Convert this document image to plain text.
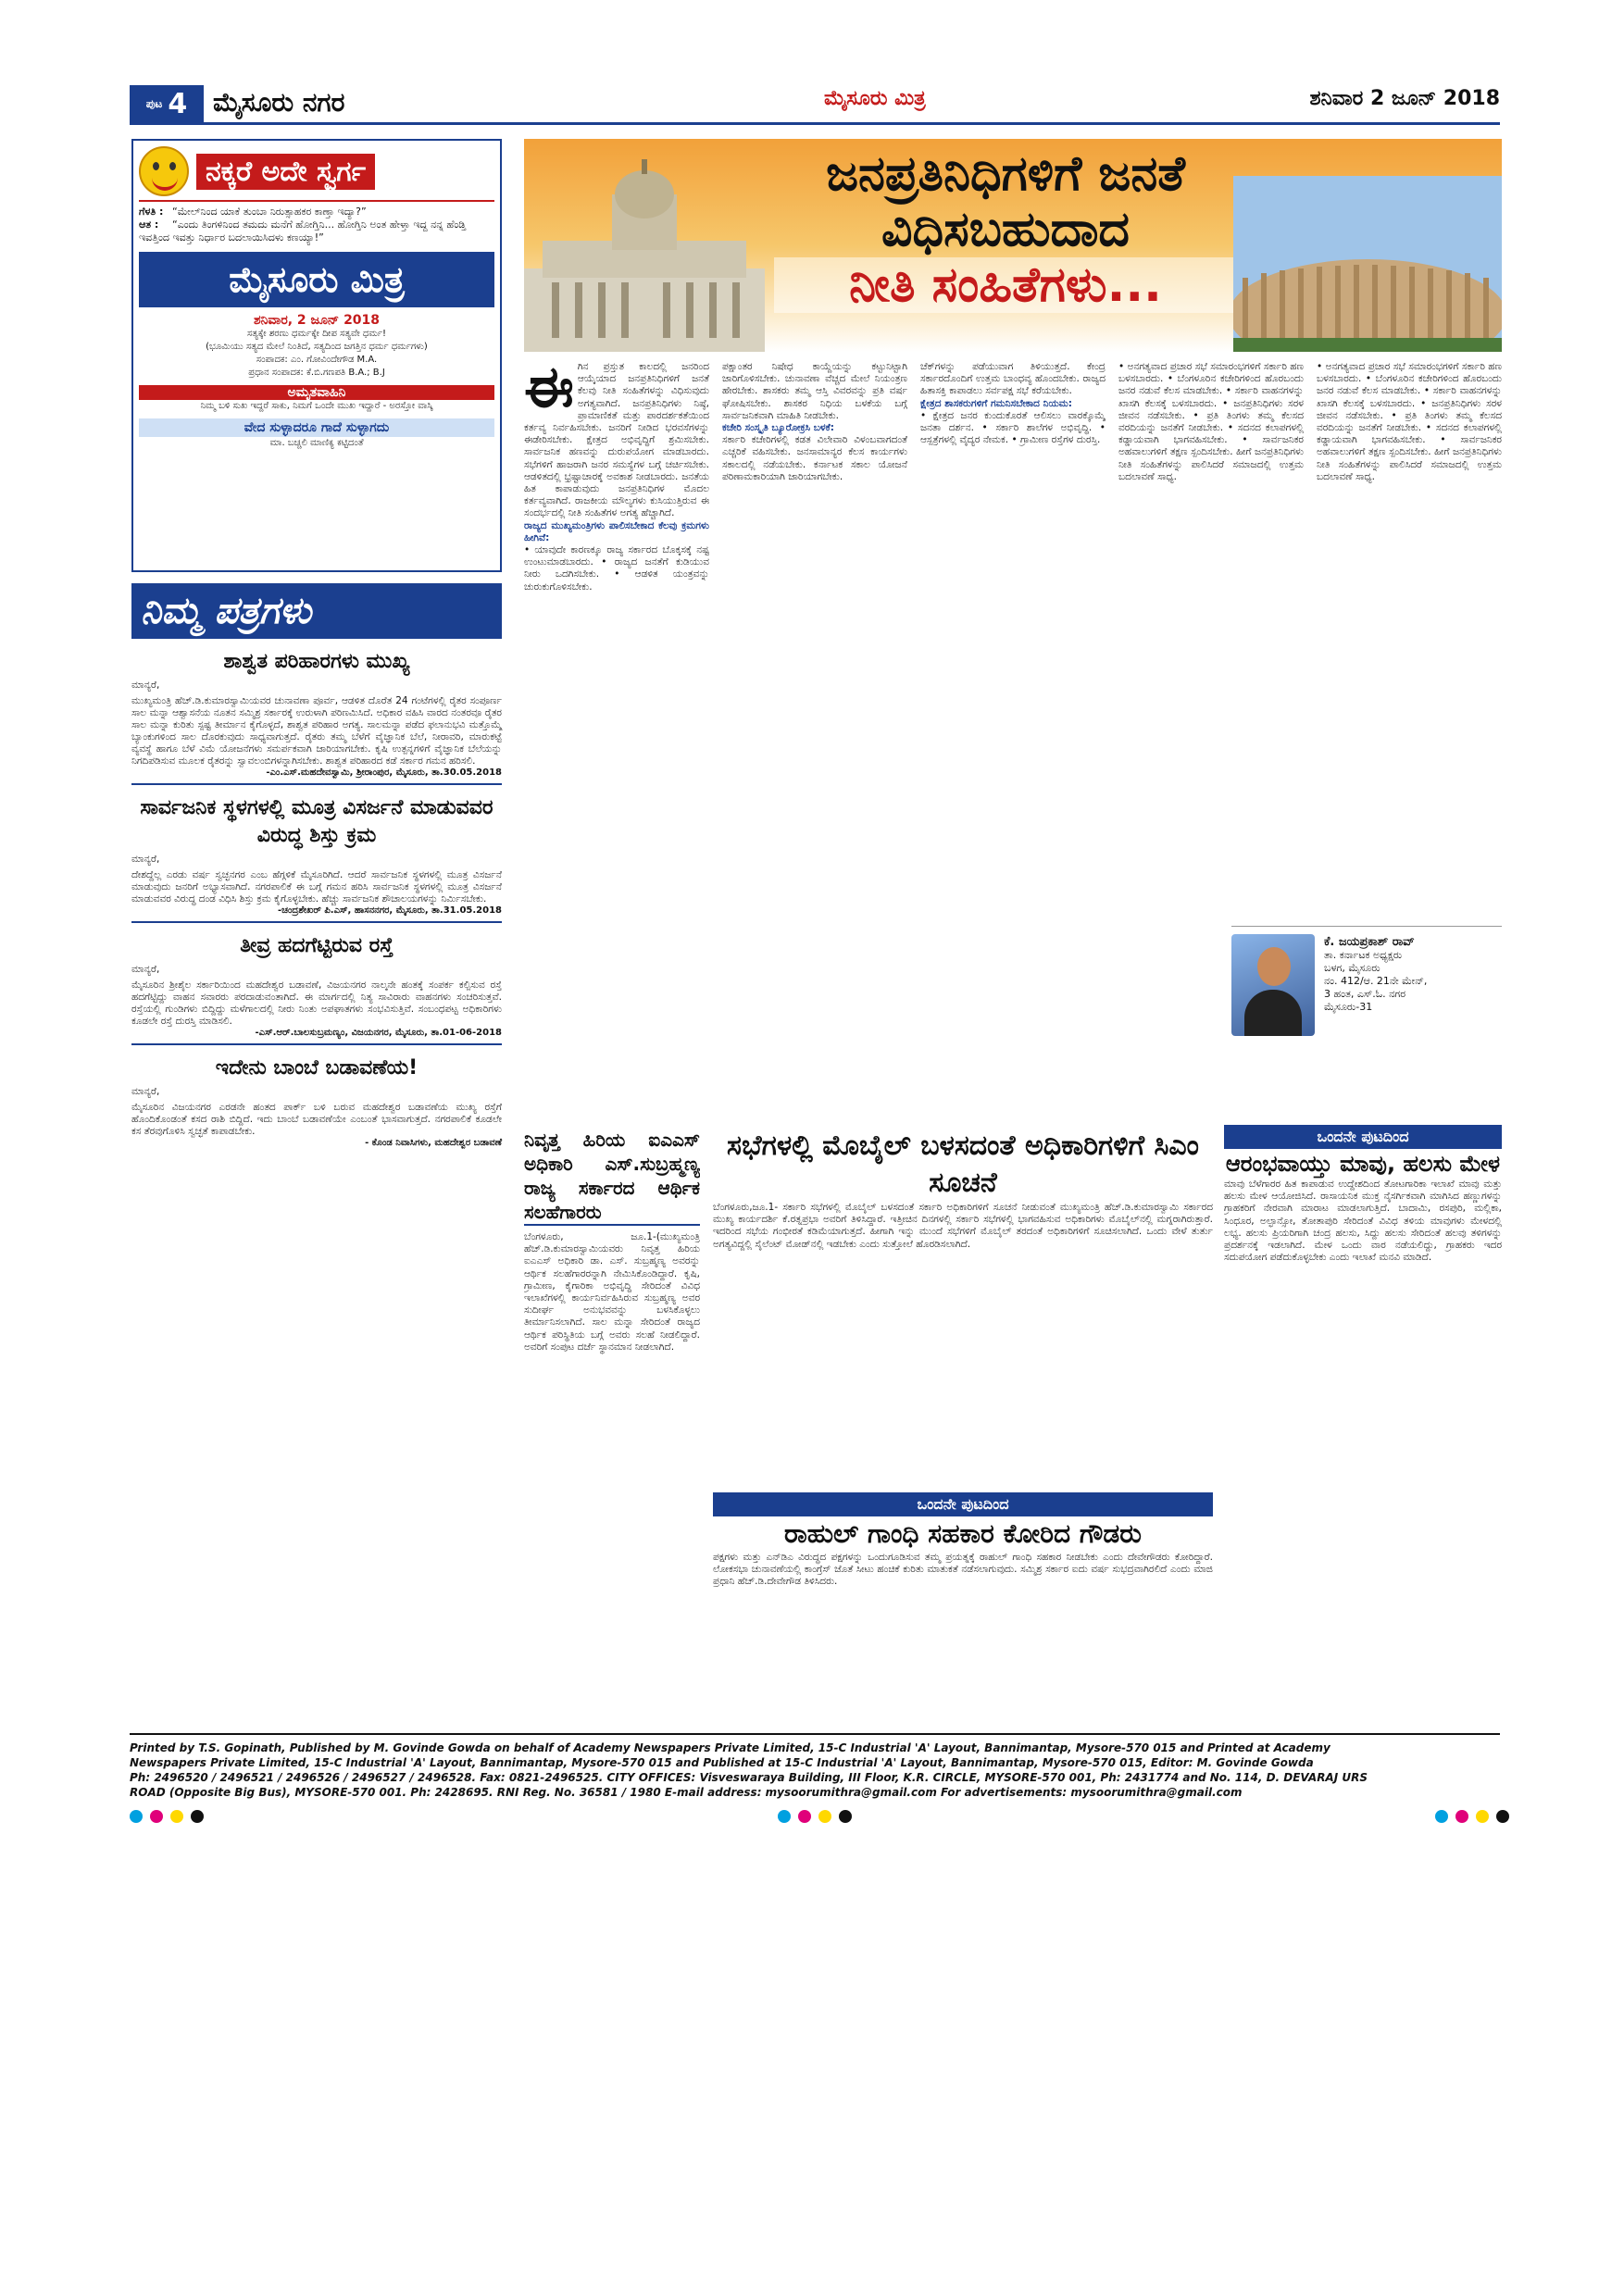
ಪುಟ 4 ಮೈಸೂರು ನಗರ	ಮೈಸೂರು ಮಿತ್ರ	ಶನಿವಾರ 2 ಜೂನ್ 2018
ನಕ್ಕರೆ ಅದೇ ಸ್ವರ್ಗ
ಗೆಳತಿ : “ಮೇಲ್‌ನಿಂದ ಯಾಕೆ ತುಂಬಾ ನಿರುತ್ಸಾಹಕರ ಕಾಣ್ತಾ ಇದ್ಯಾ?”
ಆತ : “ಎಂದು ತಿಂಗಳಿನಿಂದ ತಮದು ಮನೆಗೆ ಹೋಗ್ತಿನಿ... ಹೋಗ್ತಿನಿ ಅಂತ ಹೇಳ್ತಾ ಇದ್ದ ನನ್ನ ಹೆಂಡ್ತಿ ಇವತ್ತಿಂದ ಇವತ್ತು ನಿರ್ಧಾರ ಬದಲಾಯಿಸಿದಳು ಕಣಯ್ಯಾ!”
ಮೈಸೂರು ಮಿತ್ರ
ಶನಿವಾರ, 2 ಜೂನ್ 2018
ಸತ್ಯಕ್ಕೇ ಶರಣು ಧರ್ಮಕ್ಕೇ ದೀಪ ಸತ್ಯವೇ ಧರ್ಮ!
(ಭೂಮಿಯು ಸತ್ಯದ ಮೇಲೆ ನಿಂತಿದೆ, ಸತ್ಯದಿಂದ ಜಗತ್ತಿನ ಧರ್ಮ ಧರ್ಮಗಳು)
ಸಂಪಾದಕ: ಎಂ. ಗೋವಿಂದೇಗೌಡ M.A.
ಪ್ರಧಾನ ಸಂಪಾದಕ: ಕೆ.ಬಿ.ಗಣಪತಿ B.A.; B.J
ಅಮೃತವಾಹಿನಿ
ನಿಮ್ಮ ಬಳಿ ಸುಖ ಇದ್ದರೆ ಸಾಕು, ನಿಮಗೆ ಒಂದೇ ಮುಖ ಇದ್ದಾರೆ - ಅರಸ್ತೋ ವಾಸ್ಕಿ
ವೇದ ಸುಳ್ಳಾದರೂ ಗಾದೆ ಸುಳ್ಳಾಗದು
ಮಾ. ಬಚ್ಚಲಿ ಮಾಣಿಕ್ಯ ಕಟ್ಟಿದಂತೆ
ನಿಮ್ಮ ಪತ್ರಗಳು
ಶಾಶ್ವತ ಪರಿಹಾರಗಳು ಮುಖ್ಯ
ಮಾನ್ಯರೆ,
ಮುಖ್ಯಮಂತ್ರಿ ಹೆಚ್.ಡಿ.ಕುಮಾರಸ್ವಾಮಿಯವರ ಚುನಾವಣಾ ಪೂರ್ವ, ಆಡಳಿತ ದೊರೆತ 24 ಗಂಟೆಗಳಲ್ಲಿ ರೈತರ ಸಂಪೂರ್ಣ ಸಾಲ ಮನ್ನಾ ಆಶ್ವಾಸನೆಯ ನೂತನ ಸಮ್ಮಿಶ್ರ ಸರ್ಕಾರಕ್ಕೆ ಉರುಳಾಗಿ ಪರಿಣಮಿಸಿದೆ. ಅಧಿಕಾರ ವಹಿಸಿ ವಾರದ ನಂತರವೂ ರೈತರ ಸಾಲ ಮನ್ನಾ ಕುರಿತು ಸ್ಪಷ್ಟ ತೀರ್ಮಾನ ಕೈಗೊಳ್ಳದೆ, ಶಾಶ್ವತ ಪರಿಹಾರ ಅಗತ್ಯ. ಸಾಲಮನ್ನಾ ಪಡೆದ ಫಲಾನುಭವಿ ಮತ್ತೊಮ್ಮೆ ಬ್ಯಾಂಕುಗಳಿಂದ ಸಾಲ ದೊರಕುವುದು ಸಾಧ್ಯವಾಗುತ್ತದೆ. ರೈತರು ತಮ್ಮ ಬೆಳೆಗೆ ವೈಜ್ಞಾನಿಕ ಬೆಲೆ, ನೀರಾವರಿ, ಮಾರುಕಟ್ಟೆ ವ್ಯವಸ್ಥೆ ಹಾಗೂ ಬೆಳೆ ವಿಮೆ ಯೋಜನೆಗಳು ಸಮರ್ಪಕವಾಗಿ ಜಾರಿಯಾಗಬೇಕು. ಕೃಷಿ ಉತ್ಪನ್ನಗಳಿಗೆ ವೈಜ್ಞಾನಿಕ ಬೆಲೆಯನ್ನು ನಿಗದಿಪಡಿಸುವ ಮೂಲಕ ರೈತರನ್ನು ಸ್ವಾವಲಂಬಿಗಳನ್ನಾಗಿಸಬೇಕು. ಶಾಶ್ವತ ಪರಿಹಾರದ ಕಡೆ ಸರ್ಕಾರ ಗಮನ ಹರಿಸಲಿ.
-ಎಂ.ಎಸ್.ಮಹದೇವಸ್ವಾಮಿ, ಶ್ರೀರಾಂಪುರ, ಮೈಸೂರು, ತಾ.30.05.2018
ಸಾರ್ವಜನಿಕ ಸ್ಥಳಗಳಲ್ಲಿ ಮೂತ್ರ ವಿಸರ್ಜನೆ ಮಾಡುವವರ ವಿರುದ್ಧ ಶಿಸ್ತು ಕ್ರಮ
ಮಾನ್ಯರೆ,
ದೇಶದ್ದೆಲ್ಲ ಎರಡು ವರ್ಷ ಸ್ವಚ್ಛನಗರ ಎಂಬ ಹೆಗ್ಗಳಿಕೆ ಮೈಸೂರಿಗಿದೆ. ಆದರೆ ಸಾರ್ವಜನಿಕ ಸ್ಥಳಗಳಲ್ಲಿ ಮೂತ್ರ ವಿಸರ್ಜನೆ ಮಾಡುವುದು ಜನರಿಗೆ ಅಭ್ಯಾಸವಾಗಿದೆ. ನಗರಪಾಲಿಕೆ ಈ ಬಗ್ಗೆ ಗಮನ ಹರಿಸಿ ಸಾರ್ವಜನಿಕ ಸ್ಥಳಗಳಲ್ಲಿ ಮೂತ್ರ ವಿಸರ್ಜನೆ ಮಾಡುವವರ ವಿರುದ್ಧ ದಂಡ ವಿಧಿಸಿ ಶಿಸ್ತು ಕ್ರಮ ಕೈಗೊಳ್ಳಬೇಕು. ಹೆಚ್ಚು ಸಾರ್ವಜನಿಕ ಶೌಚಾಲಯಗಳನ್ನು ನಿರ್ಮಿಸಬೇಕು.
-ಚಂದ್ರಶೇಖರ್ ಪಿ.ಎಸ್, ಹಾಸನನಗರ, ಮೈಸೂರು, ತಾ.31.05.2018
ತೀವ್ರ ಹದಗೆಟ್ಟಿರುವ ರಸ್ತೆ
ಮಾನ್ಯರೆ,
ಮೈಸೂರಿನ ಶ್ರೀಶೈಲ ಸರ್ಕಾರಿಯಿಂದ ಮಹದೇಶ್ವರ ಬಡಾವಣೆ, ವಿಜಯನಗರ ನಾಲ್ಕನೇ ಹಂತಕ್ಕೆ ಸಂಪರ್ಕ ಕಲ್ಪಿಸುವ ರಸ್ತೆ ಹದಗೆಟ್ಟಿದ್ದು ವಾಹನ ಸವಾರರು ಪರದಾಡುವಂತಾಗಿದೆ. ಈ ಮಾರ್ಗದಲ್ಲಿ ನಿತ್ಯ ಸಾವಿರಾರು ವಾಹನಗಳು ಸಂಚರಿಸುತ್ತವೆ. ರಸ್ತೆಯಲ್ಲಿ ಗುಂಡಿಗಳು ಬಿದ್ದಿದ್ದು ಮಳೆಗಾಲದಲ್ಲಿ ನೀರು ನಿಂತು ಅಪಘಾತಗಳು ಸಂಭವಿಸುತ್ತಿವೆ. ಸಂಬಂಧಪಟ್ಟ ಅಧಿಕಾರಿಗಳು ಕೂಡಲೇ ರಸ್ತೆ ದುರಸ್ತಿ ಮಾಡಿಸಲಿ.
-ಎಸ್.ಆರ್.ಬಾಲಸುಬ್ರಮಣ್ಯಂ, ವಿಜಯನಗರ, ಮೈಸೂರು, ತಾ.01-06-2018
ಇದೇನು ಬಾಂಬೆ ಬಡಾವಣೆಯ!
ಮಾನ್ಯರೆ,
ಮೈಸೂರಿನ ವಿಜಯನಗರ ಎರಡನೇ ಹಂತದ ಪಾರ್ಕ್ ಬಳಿ ಬರುವ ಮಹದೇಶ್ವರ ಬಡಾವಣೆಯ ಮುಖ್ಯ ರಸ್ತೆಗೆ ಹೊಂದಿಕೊಂಡಂತೆ ಕಸದ ರಾಶಿ ಬಿದ್ದಿದೆ. ಇದು ಬಾಂಬೆ ಬಡಾವಣೆಯೇ ಎಂಬಂತೆ ಭಾಸವಾಗುತ್ತದೆ. ನಗರಪಾಲಿಕೆ ಕೂಡಲೇ ಕಸ ತೆರವುಗೊಳಿಸಿ ಸ್ವಚ್ಛತೆ ಕಾಪಾಡಬೇಕು.
- ಕೊಂಡ ನಿವಾಸಿಗಳು, ಮಹದೇಶ್ವರ ಬಡಾವಣೆ
ಜನಪ್ರತಿನಿಧಿಗಳಿಗೆ ಜನತೆ
ವಿಧಿಸಬಹುದಾದ
ನೀತಿ ಸಂಹಿತೆಗಳು...
ಈ ಗಿನ ಪ್ರಸ್ತುತ ಕಾಲದಲ್ಲಿ ಜನರಿಂದ ಆಯ್ಕೆಯಾದ ಜನಪ್ರತಿನಿಧಿಗಳಿಗೆ ಜನತೆ ಕೆಲವು ನೀತಿ ಸಂಹಿತೆಗಳನ್ನು ವಿಧಿಸುವುದು ಅಗತ್ಯವಾಗಿದೆ. ಜನಪ್ರತಿನಿಧಿಗಳು ನಿಷ್ಠೆ, ಪ್ರಾಮಾಣಿಕತೆ ಮತ್ತು ಪಾರದರ್ಶಕತೆಯಿಂದ ಕರ್ತವ್ಯ ನಿರ್ವಹಿಸಬೇಕು. ಜನರಿಗೆ ನೀಡಿದ ಭರವಸೆಗಳನ್ನು ಈಡೇರಿಸಬೇಕು. ಕ್ಷೇತ್ರದ ಅಭಿವೃದ್ಧಿಗೆ ಶ್ರಮಿಸಬೇಕು. ಸಾರ್ವಜನಿಕ ಹಣವನ್ನು ದುರುಪಯೋಗ ಮಾಡಬಾರದು. ಸಭೆಗಳಿಗೆ ಹಾಜರಾಗಿ ಜನರ ಸಮಸ್ಯೆಗಳ ಬಗ್ಗೆ ಚರ್ಚಿಸಬೇಕು. ಆಡಳಿತದಲ್ಲಿ ಭ್ರಷ್ಟಾಚಾರಕ್ಕೆ ಅವಕಾಶ ನೀಡಬಾರದು. ಜನತೆಯ ಹಿತ ಕಾಪಾಡುವುದು ಜನಪ್ರತಿನಿಧಿಗಳ ಮೊದಲ ಕರ್ತವ್ಯವಾಗಿದೆ. ರಾಜಕೀಯ ಮೌಲ್ಯಗಳು ಕುಸಿಯುತ್ತಿರುವ ಈ ಸಂದರ್ಭದಲ್ಲಿ ನೀತಿ ಸಂಹಿತೆಗಳ ಅಗತ್ಯ ಹೆಚ್ಚಾಗಿದೆ.
ರಾಜ್ಯದ ಮುಖ್ಯಮಂತ್ರಿಗಳು ಪಾಲಿಸಬೇಕಾದ ಕೆಲವು ಕ್ರಮಗಳು ಹೀಗಿವೆ:
• ಯಾವುದೇ ಕಾರಣಕ್ಕೂ ರಾಜ್ಯ ಸರ್ಕಾರದ ಬೊಕ್ಕಸಕ್ಕೆ ನಷ್ಟ ಉಂಟುಮಾಡಬಾರದು. • ರಾಜ್ಯದ ಜನತೆಗೆ ಕುಡಿಯುವ ನೀರು ಒದಗಿಸಬೇಕು. • ಆಡಳಿತ ಯಂತ್ರವನ್ನು ಚುರುಕುಗೊಳಿಸಬೇಕು.
ಪಕ್ಷಾಂತರ ನಿಷೇಧ ಕಾಯ್ದೆಯನ್ನು ಕಟ್ಟುನಿಟ್ಟಾಗಿ ಜಾರಿಗೊಳಿಸಬೇಕು. ಚುನಾವಣಾ ವೆಚ್ಚದ ಮೇಲೆ ನಿಯಂತ್ರಣ ಹೇರಬೇಕು. ಶಾಸಕರು ತಮ್ಮ ಆಸ್ತಿ ವಿವರವನ್ನು ಪ್ರತಿ ವರ್ಷ ಘೋಷಿಸಬೇಕು. ಶಾಸಕರ ನಿಧಿಯ ಬಳಕೆಯ ಬಗ್ಗೆ ಸಾರ್ವಜನಿಕವಾಗಿ ಮಾಹಿತಿ ನೀಡಬೇಕು.
ಕಚೇರಿ ಸಂಸ್ಕೃತಿ ಬ್ಯೂರೋಕ್ರಸಿ ಬಳಕೆ:
ಸರ್ಕಾರಿ ಕಚೇರಿಗಳಲ್ಲಿ ಕಡತ ವಿಲೇವಾರಿ ವಿಳಂಬವಾಗದಂತೆ ಎಚ್ಚರಿಕೆ ವಹಿಸಬೇಕು. ಜನಸಾಮಾನ್ಯರ ಕೆಲಸ ಕಾರ್ಯಗಳು ಸಕಾಲದಲ್ಲಿ ನಡೆಯಬೇಕು. ಕರ್ನಾಟಕ ಸಕಾಲ ಯೋಜನೆ ಪರಿಣಾಮಕಾರಿಯಾಗಿ ಜಾರಿಯಾಗಬೇಕು.
ಚೆಕ್‌ಗಳನ್ನು ಪಡೆಯುವಾಗ ತಿಳಿಯುತ್ತದೆ. ಕೇಂದ್ರ ಸರ್ಕಾರದೊಂದಿಗೆ ಉತ್ತಮ ಬಾಂಧವ್ಯ ಹೊಂದಬೇಕು. ರಾಜ್ಯದ ಹಿತಾಸಕ್ತಿ ಕಾಪಾಡಲು ಸರ್ವಪಕ್ಷ ಸಭೆ ಕರೆಯಬೇಕು.
ಕ್ಷೇತ್ರದ ಶಾಸಕರುಗಳಿಗೆ ಗಮನಿಸಬೇಕಾದ ನಿಯಮ:
• ಕ್ಷೇತ್ರದ ಜನರ ಕುಂದುಕೊರತೆ ಆಲಿಸಲು ವಾರಕ್ಕೊಮ್ಮೆ ಜನತಾ ದರ್ಶನ. • ಸರ್ಕಾರಿ ಶಾಲೆಗಳ ಅಭಿವೃದ್ಧಿ. • ಆಸ್ಪತ್ರೆಗಳಲ್ಲಿ ವೈದ್ಯರ ನೇಮಕ. • ಗ್ರಾಮೀಣ ರಸ್ತೆಗಳ ದುರಸ್ತಿ.
• ಅನಗತ್ಯವಾದ ಪ್ರಚಾರ ಸಭೆ ಸಮಾರಂಭಗಳಿಗೆ ಸರ್ಕಾರಿ ಹಣ ಬಳಸಬಾರದು. • ಬೆಂಗಳೂರಿನ ಕಚೇರಿಗಳಿಂದ ಹೊರಬಂದು ಜನರ ನಡುವೆ ಕೆಲಸ ಮಾಡಬೇಕು. • ಸರ್ಕಾರಿ ವಾಹನಗಳನ್ನು ಖಾಸಗಿ ಕೆಲಸಕ್ಕೆ ಬಳಸಬಾರದು. • ಜನಪ್ರತಿನಿಧಿಗಳು ಸರಳ ಜೀವನ ನಡೆಸಬೇಕು. • ಪ್ರತಿ ತಿಂಗಳು ತಮ್ಮ ಕೆಲಸದ ವರದಿಯನ್ನು ಜನತೆಗೆ ನೀಡಬೇಕು. • ಸದನದ ಕಲಾಪಗಳಲ್ಲಿ ಕಡ್ಡಾಯವಾಗಿ ಭಾಗವಹಿಸಬೇಕು. • ಸಾರ್ವಜನಿಕರ ಅಹವಾಲುಗಳಿಗೆ ತಕ್ಷಣ ಸ್ಪಂದಿಸಬೇಕು. ಹೀಗೆ ಜನಪ್ರತಿನಿಧಿಗಳು ನೀತಿ ಸಂಹಿತೆಗಳನ್ನು ಪಾಲಿಸಿದರೆ ಸಮಾಜದಲ್ಲಿ ಉತ್ತಮ ಬದಲಾವಣೆ ಸಾಧ್ಯ.
• ಅನಗತ್ಯವಾದ ಪ್ರಚಾರ ಸಭೆ ಸಮಾರಂಭಗಳಿಗೆ ಸರ್ಕಾರಿ ಹಣ ಬಳಸಬಾರದು. • ಬೆಂಗಳೂರಿನ ಕಚೇರಿಗಳಿಂದ ಹೊರಬಂದು ಜನರ ನಡುವೆ ಕೆಲಸ ಮಾಡಬೇಕು. • ಸರ್ಕಾರಿ ವಾಹನಗಳನ್ನು ಖಾಸಗಿ ಕೆಲಸಕ್ಕೆ ಬಳಸಬಾರದು. • ಜನಪ್ರತಿನಿಧಿಗಳು ಸರಳ ಜೀವನ ನಡೆಸಬೇಕು. • ಪ್ರತಿ ತಿಂಗಳು ತಮ್ಮ ಕೆಲಸದ ವರದಿಯನ್ನು ಜನತೆಗೆ ನೀಡಬೇಕು. • ಸದನದ ಕಲಾಪಗಳಲ್ಲಿ ಕಡ್ಡಾಯವಾಗಿ ಭಾಗವಹಿಸಬೇಕು. • ಸಾರ್ವಜನಿಕರ ಅಹವಾಲುಗಳಿಗೆ ತಕ್ಷಣ ಸ್ಪಂದಿಸಬೇಕು. ಹೀಗೆ ಜನಪ್ರತಿನಿಧಿಗಳು ನೀತಿ ಸಂಹಿತೆಗಳನ್ನು ಪಾಲಿಸಿದರೆ ಸಮಾಜದಲ್ಲಿ ಉತ್ತಮ ಬದಲಾವಣೆ ಸಾಧ್ಯ.
ಕೆ. ಜಯಪ್ರಕಾಶ್ ರಾವ್
ತಾ. ಕರ್ನಾಟಕ ಅಧ್ಯಕ್ಷರು
ಬಳಗ, ಮೈಸೂರು
ನಂ. 412/ಆ. 21ನೇ ಮೇನ್,
3 ಹಂತ, ಎಸ್.ಓ. ನಗರ
ಮೈಸೂರು-31
ನಿವೃತ್ತ ಹಿರಿಯ ಐಎಎಸ್ ಅಧಿಕಾರಿ ಎಸ್.ಸುಬ್ರಹ್ಮಣ್ಯ ರಾಜ್ಯ ಸರ್ಕಾರದ ಆರ್ಥಿಕ ಸಲಹೆಗಾರರು
ಬೆಂಗಳೂರು, ಜೂ.1-(ಮುಖ್ಯಮಂತ್ರಿ ಹೆಚ್.ಡಿ.ಕುಮಾರಸ್ವಾಮಿಯವರು ನಿವೃತ್ತ ಹಿರಿಯ ಐಎಎಸ್ ಅಧಿಕಾರಿ ಡಾ. ಎಸ್. ಸುಬ್ರಹ್ಮಣ್ಯ ಅವರನ್ನು ಆರ್ಥಿಕ ಸಲಹೆಗಾರರನ್ನಾಗಿ ನೇಮಿಸಿಕೊಂಡಿದ್ದಾರೆ. ಕೃಷಿ, ಗ್ರಾಮೀಣ, ಕೈಗಾರಿಕಾ ಅಭಿವೃದ್ಧಿ ಸೇರಿದಂತೆ ವಿವಿಧ ಇಲಾಖೆಗಳಲ್ಲಿ ಕಾರ್ಯನಿರ್ವಹಿಸಿರುವ ಸುಬ್ರಹ್ಮಣ್ಯ ಅವರ ಸುದೀರ್ಘ ಅನುಭವವನ್ನು ಬಳಸಿಕೊಳ್ಳಲು ತೀರ್ಮಾನಿಸಲಾಗಿದೆ. ಸಾಲ ಮನ್ನಾ ಸೇರಿದಂತೆ ರಾಜ್ಯದ ಆರ್ಥಿಕ ಪರಿಸ್ಥಿತಿಯ ಬಗ್ಗೆ ಅವರು ಸಲಹೆ ನೀಡಲಿದ್ದಾರೆ. ಅವರಿಗೆ ಸಂಪುಟ ದರ್ಜೆ ಸ್ಥಾನಮಾನ ನೀಡಲಾಗಿದೆ.
ಸಭೆಗಳಲ್ಲಿ ಮೊಬೈಲ್ ಬಳಸದಂತೆ ಅಧಿಕಾರಿಗಳಿಗೆ ಸಿಎಂ ಸೂಚನೆ
ಬೆಂಗಳೂರು,ಜೂ.1- ಸರ್ಕಾರಿ ಸಭೆಗಳಲ್ಲಿ ಮೊಬೈಲ್ ಬಳಸದಂತೆ ಸರ್ಕಾರಿ ಅಧಿಕಾರಿಗಳಿಗೆ ಸೂಚನೆ ನೀಡುವಂತೆ ಮುಖ್ಯಮಂತ್ರಿ ಹೆಚ್.ಡಿ.ಕುಮಾರಸ್ವಾಮಿ ಸರ್ಕಾರದ ಮುಖ್ಯ ಕಾರ್ಯದರ್ಶಿ ಕೆ.ರತ್ನಪ್ರಭಾ ಅವರಿಗೆ ತಿಳಿಸಿದ್ದಾರೆ. ಇತ್ತೀಚಿನ ದಿನಗಳಲ್ಲಿ ಸರ್ಕಾರಿ ಸಭೆಗಳಲ್ಲಿ ಭಾಗವಹಿಸುವ ಅಧಿಕಾರಿಗಳು ಮೊಬೈಲ್‌ನಲ್ಲಿ ಮಗ್ನರಾಗಿರುತ್ತಾರೆ. ಇದರಿಂದ ಸಭೆಯ ಗಂಭೀರತೆ ಕಡಿಮೆಯಾಗುತ್ತದೆ. ಹೀಗಾಗಿ ಇನ್ನು ಮುಂದೆ ಸಭೆಗಳಿಗೆ ಮೊಬೈಲ್ ತರದಂತೆ ಅಧಿಕಾರಿಗಳಿಗೆ ಸೂಚಿಸಲಾಗಿದೆ. ಒಂದು ವೇಳೆ ತುರ್ತು ಅಗತ್ಯವಿದ್ದಲ್ಲಿ ಸೈಲೆಂಟ್ ಮೋಡ್‌ನಲ್ಲಿ ಇಡಬೇಕು ಎಂದು ಸುತ್ತೋಲೆ ಹೊರಡಿಸಲಾಗಿದೆ.
ಒಂದನೇ ಪುಟದಿಂದ
ರಾಹುಲ್ ಗಾಂಧಿ ಸಹಕಾರ ಕೋರಿದ ಗೌಡರು
ಪಕ್ಷಗಳು ಮತ್ತು ಎನ್‌ಡಿಎ ವಿರುದ್ಧದ ಪಕ್ಷಗಳನ್ನು ಒಂದುಗೂಡಿಸುವ ತಮ್ಮ ಪ್ರಯತ್ನಕ್ಕೆ ರಾಹುಲ್ ಗಾಂಧಿ ಸಹಕಾರ ನೀಡಬೇಕು ಎಂದು ದೇವೇಗೌಡರು ಕೋರಿದ್ದಾರೆ. ಲೋಕಸಭಾ ಚುನಾವಣೆಯಲ್ಲಿ ಕಾಂಗ್ರೆಸ್ ಜೊತೆ ಸೀಟು ಹಂಚಿಕೆ ಕುರಿತು ಮಾತುಕತೆ ನಡೆಸಲಾಗುವುದು. ಸಮ್ಮಿಶ್ರ ಸರ್ಕಾರ ಐದು ವರ್ಷ ಸುಭದ್ರವಾಗಿರಲಿದೆ ಎಂದು ಮಾಜಿ ಪ್ರಧಾನಿ ಹೆಚ್.ಡಿ.ದೇವೇಗೌಡ ತಿಳಿಸಿದರು.
ಒಂದನೇ ಪುಟದಿಂದ
ಆರಂಭವಾಯ್ತು ಮಾವು, ಹಲಸು ಮೇಳ
ಮಾವು ಬೆಳೆಗಾರರ ಹಿತ ಕಾಪಾಡುವ ಉದ್ದೇಶದಿಂದ ತೋಟಗಾರಿಕಾ ಇಲಾಖೆ ಮಾವು ಮತ್ತು ಹಲಸು ಮೇಳ ಆಯೋಜಿಸಿದೆ. ರಾಸಾಯನಿಕ ಮುಕ್ತ ನೈಸರ್ಗಿಕವಾಗಿ ಮಾಗಿಸಿದ ಹಣ್ಣುಗಳನ್ನು ಗ್ರಾಹಕರಿಗೆ ನೇರವಾಗಿ ಮಾರಾಟ ಮಾಡಲಾಗುತ್ತಿದೆ. ಬಾದಾಮಿ, ರಸಪುರಿ, ಮಲ್ಲಿಕಾ, ಸಿಂಧೂರ, ಅಲ್ಫಾನ್ಸೋ, ತೋತಾಪುರಿ ಸೇರಿದಂತೆ ವಿವಿಧ ತಳಿಯ ಮಾವುಗಳು ಮೇಳದಲ್ಲಿ ಲಭ್ಯ. ಹಲಸು ಪ್ರಿಯರಿಗಾಗಿ ಚಂದ್ರ ಹಲಸು, ಸಿದ್ದು ಹಲಸು ಸೇರಿದಂತೆ ಹಲವು ತಳಿಗಳನ್ನು ಪ್ರದರ್ಶನಕ್ಕೆ ಇಡಲಾಗಿದೆ. ಮೇಳ ಒಂದು ವಾರ ನಡೆಯಲಿದ್ದು, ಗ್ರಾಹಕರು ಇದರ ಸದುಪಯೋಗ ಪಡೆದುಕೊಳ್ಳಬೇಕು ಎಂದು ಇಲಾಖೆ ಮನವಿ ಮಾಡಿದೆ.
Printed by T.S. Gopinath, Published by M. Govinde Gowda on behalf of Academy Newspapers Private Limited, 15-C Industrial 'A' Layout, Bannimantap, Mysore-570 015 and Printed at Academy
Newspapers Private Limited, 15-C Industrial 'A' Layout, Bannimantap, Mysore-570 015 and Published at 15-C Industrial 'A' Layout, Bannimantap, Mysore-570 015, Editor: M. Govinde Gowda
Ph: 2496520 / 2496521 / 2496526 / 2496527 / 2496528. Fax: 0821-2496525. CITY OFFICES: Visveswaraya Building, III Floor, K.R. CIRCLE, MYSORE-570 001, Ph: 2431774 and No. 114, D. DEVARAJ URS
ROAD (Opposite Big Bus), MYSORE-570 001. Ph: 2428695. RNI Reg. No. 36581 / 1980 E-mail address: mysoorumithra@gmail.com For advertisements: mysoorumithra@gmail.com
